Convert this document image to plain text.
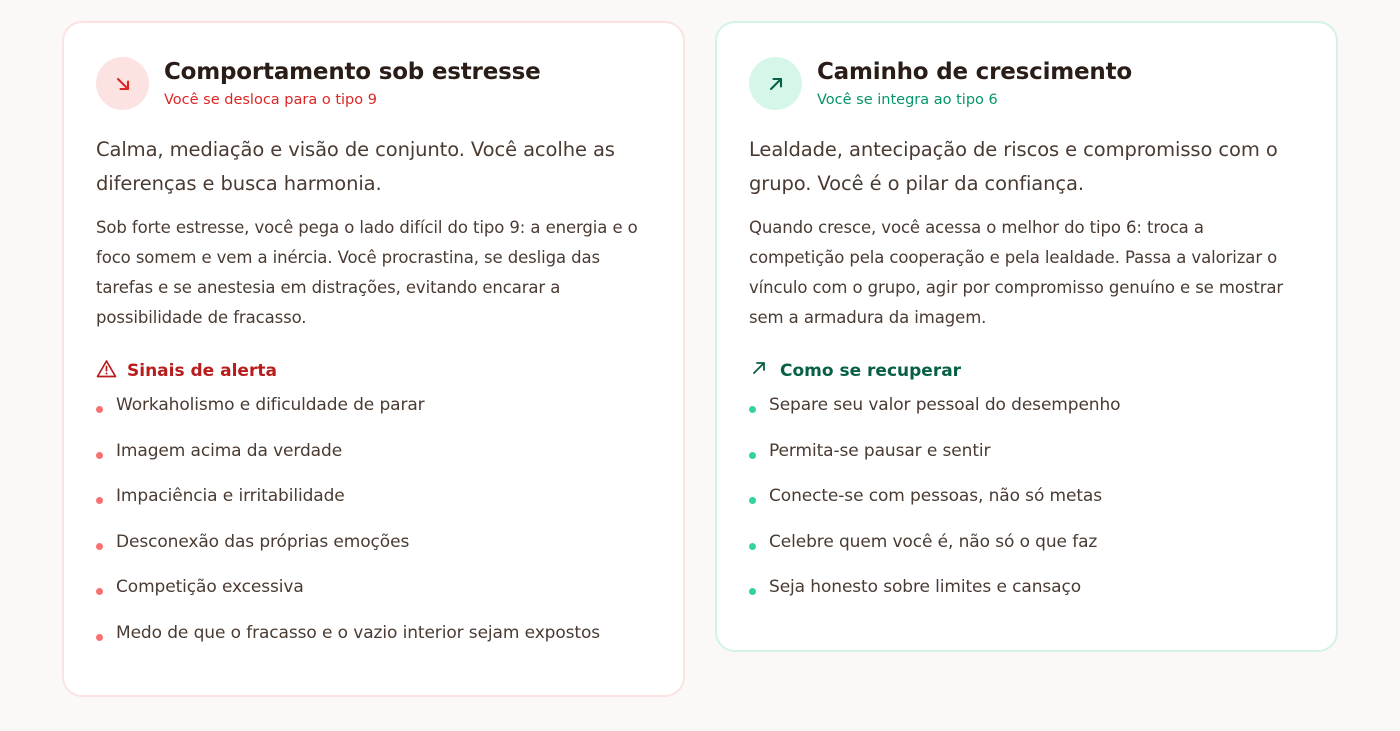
Comportamento sob estresse
Você se desloca para o tipo 9

Calma, mediação e visão de conjunto. Você acolhe as diferenças e busca harmonia.

Sob forte estresse, você pega o lado difícil do tipo 9: a energia e o foco somem e vem a inércia. Você procrastina, se desliga das tarefas e se anestesia em distrações, evitando encarar a possibilidade de fracasso.

Sinais de alerta
Workaholismo e dificuldade de parar
Imagem acima da verdade
Impaciência e irritabilidade
Desconexão das próprias emoções
Competição excessiva
Medo de que o fracasso e o vazio interior sejam expostos
Caminho de crescimento
Você se integra ao tipo 6

Lealdade, antecipação de riscos e compromisso com o grupo. Você é o pilar da confiança.

Quando cresce, você acessa o melhor do tipo 6: troca a competição pela cooperação e pela lealdade. Passa a valorizar o vínculo com o grupo, agir por compromisso genuíno e se mostrar sem a armadura da imagem.

Como se recuperar
Separe seu valor pessoal do desempenho
Permita-se pausar e sentir
Conecte-se com pessoas, não só metas
Celebre quem você é, não só o que faz
Seja honesto sobre limites e cansaço
